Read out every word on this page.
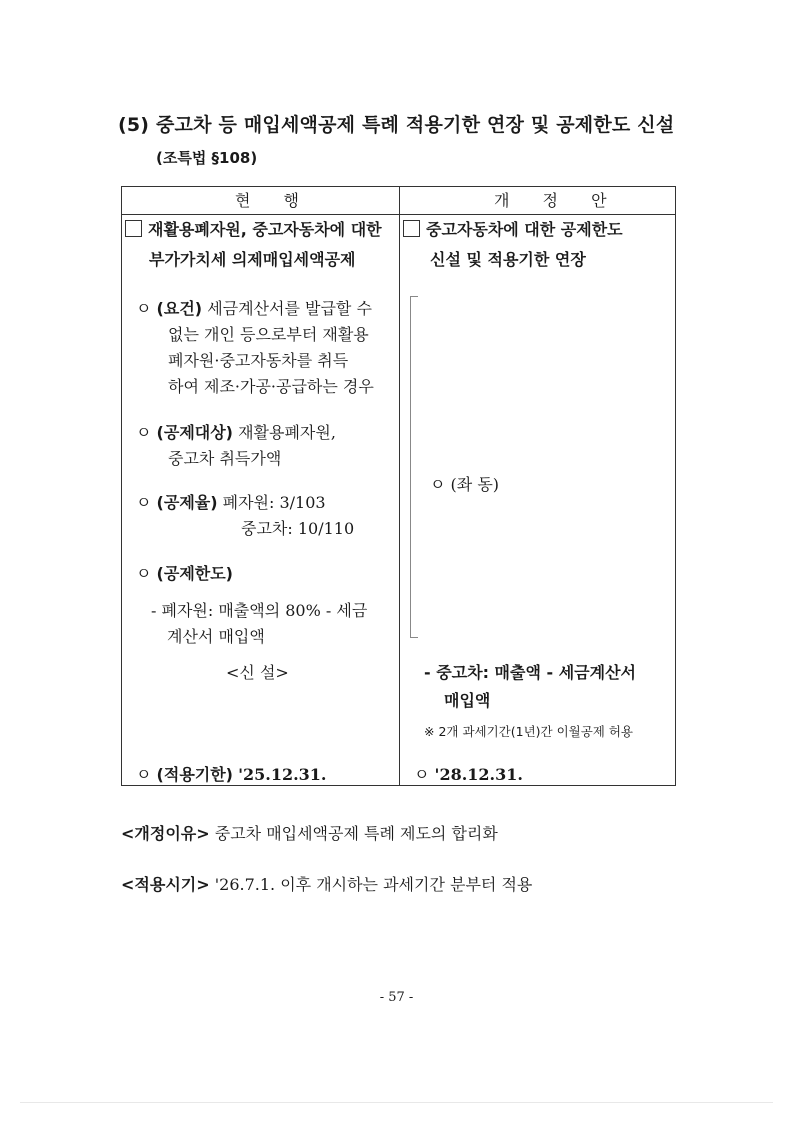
(5) 중고차 등 매입세액공제 특례 적용기한 연장 및 공제한도 신설
(조특법 §108)
현 행	개 정 안
재활용폐자원, 중고자동차에 대한
부가가치세 의제매입세액공제
ㅇ (요건) 세금계산서를 발급할 수
없는 개인 등으로부터 재활용
폐자원·중고자동차를 취득
하여 제조·가공·공급하는 경우
ㅇ (공제대상) 재활용폐자원,
중고차 취득가액
ㅇ (공제율) 폐자원: 3/103
중고차: 10/110
ㅇ (공제한도)
- 폐자원: 매출액의 80% - 세금
계산서 매입액
<신 설>
ㅇ (적용기한) '25.12.31.
중고자동차에 대한 공제한도
신설 및 적용기한 연장
ㅇ (좌 동)
- 중고차: 매출액 - 세금계산서
매입액
※ 2개 과세기간(1년)간 이월공제 허용
ㅇ '28.12.31.
<개정이유> 중고차 매입세액공제 특례 제도의 합리화
<적용시기> '26.7.1. 이후 개시하는 과세기간 분부터 적용
- 57 -
